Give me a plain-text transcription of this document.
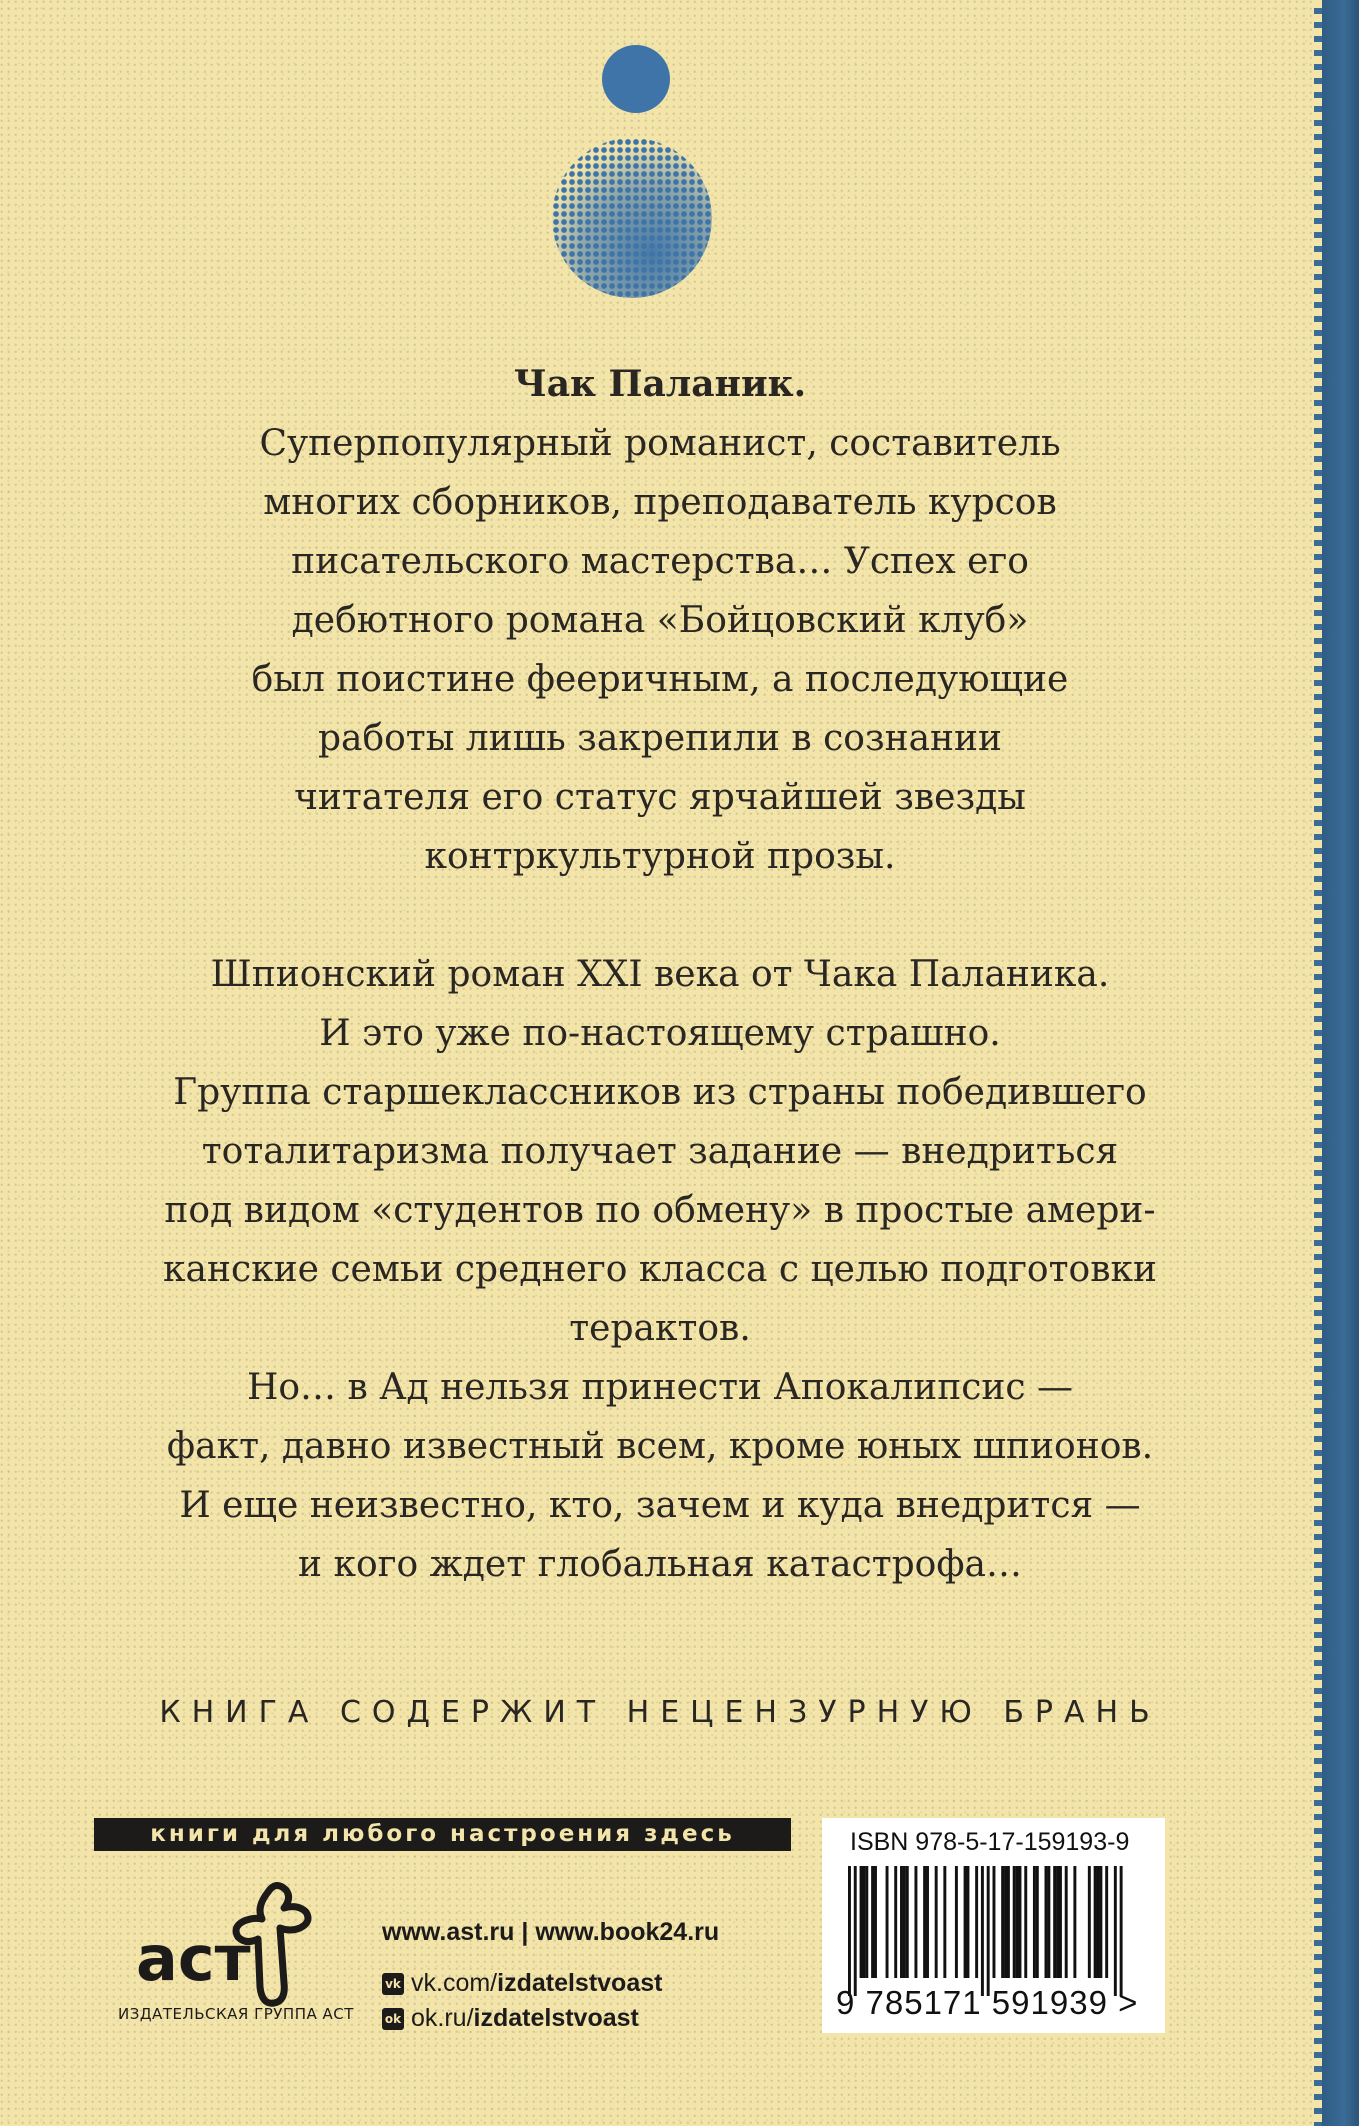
Чак Паланик.
Суперпопулярный романист, составитель
многих сборников, преподаватель курсов
писательского мастерства… Успех его
дебютного романа «Бойцовский клуб»
был поистине фееричным, а последующие
работы лишь закрепили в сознании
читателя его статус ярчайшей звезды
контркультурной прозы.
Шпионский роман XXI века от Чака Паланика.
И это уже по-настоящему страшно.
Группа старшеклассников из страны победившего
тоталитаризма получает задание — внедриться
под видом «студентов по обмену» в простые амери-
канские семьи среднего класса с целью подготовки
терактов.
Но… в Ад нельзя принести Апокалипсис —
факт, давно известный всем, кроме юных шпионов.
И еще неизвестно, кто, зачем и куда внедрится —
и кого ждет глобальная катастрофа…
КНИГА СОДЕРЖИТ НЕЦЕНЗУРНУЮ БРАНЬ
книги для любого настроения здесь
аст
ИЗДАТЕЛЬСКАЯ ГРУППА АСТ
www.ast.ru | www.book24.ru
vk vk.com/ izdatelstvoast
ok ok.ru/ izdatelstvoast
ISBN 978-5-17-159193-9
9 785171 591939 >
